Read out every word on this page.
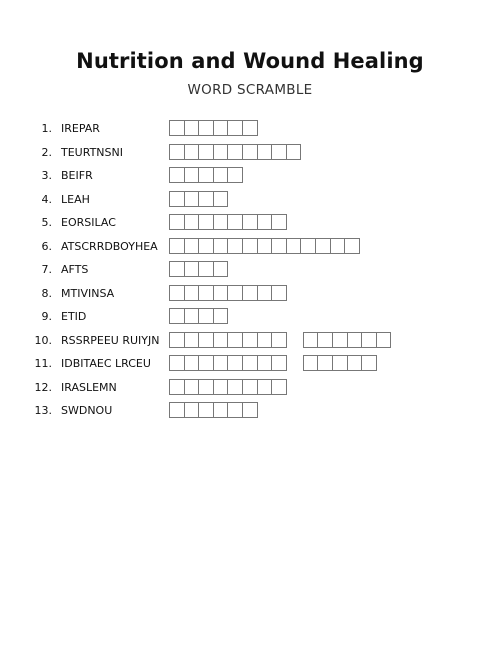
Nutrition and Wound Healing
WORD SCRAMBLE
1. IREPAR
2. TEURTNSNI
3. BEIFR
4. LEAH
5. EORSILAC
6. ATSCRRDBOYHEA
7. AFTS
8. MTIVINSA
9. ETID
10. RSSRPEEU RUIYJN
11. IDBITAEC LRCEU
12. IRASLEMN
13. SWDNOU
